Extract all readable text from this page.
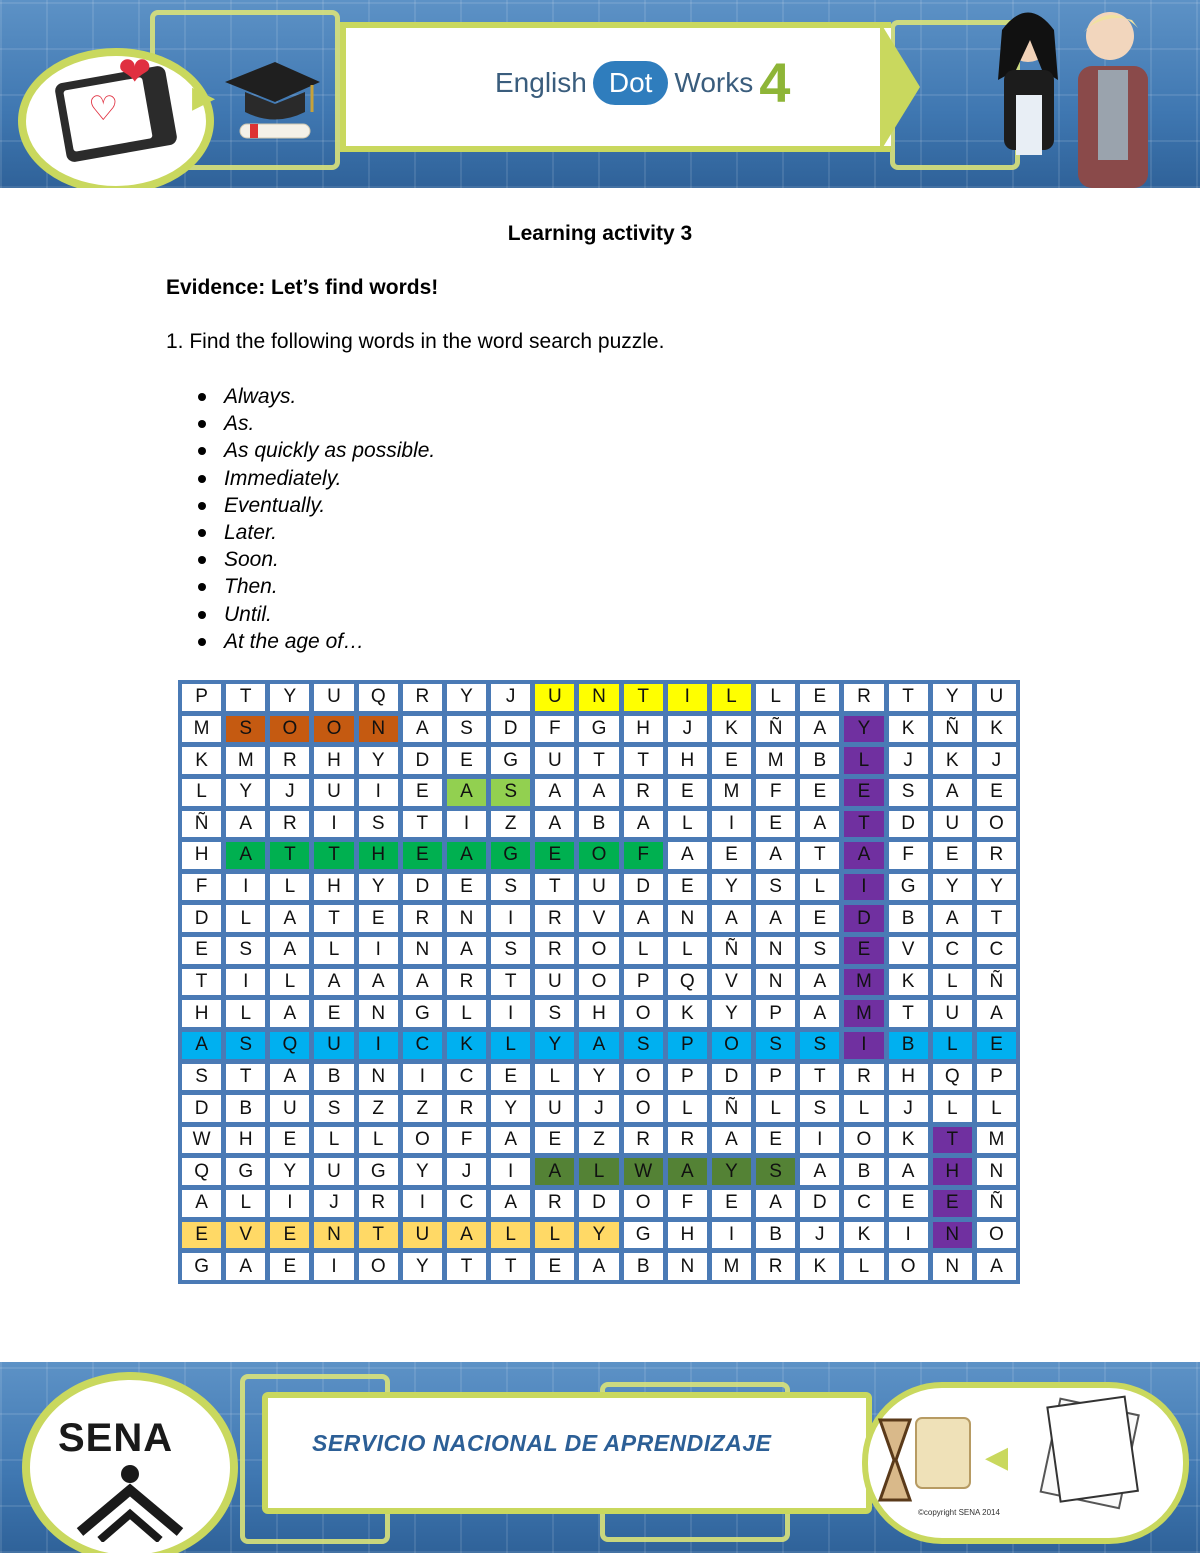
♡
❤
▶	English Dot Works 4
Learning activity 3
Evidence: Let’s find words!
1. Find the following words in the word search puzzle.
Always.
As.
As quickly as possible.
Immediately.
Eventually.
Later.
Soon.
Then.
Until.
At the age of…
P	T	Y	U	Q	R	Y	J	U	N	T	I	L	L	E	R	T	Y	U
M	S	O	O	N	A	S	D	F	G	H	J	K	Ñ	A	Y	K	Ñ	K
K	M	R	H	Y	D	E	G	U	T	T	H	E	M	B	L	J	K	J
L	Y	J	U	I	E	A	S	A	A	R	E	M	F	E	E	S	A	E
Ñ	A	R	I	S	T	I	Z	A	B	A	L	I	E	A	T	D	U	O
H	A	T	T	H	E	A	G	E	O	F	A	E	A	T	A	F	E	R
F	I	L	H	Y	D	E	S	T	U	D	E	Y	S	L	I	G	Y	Y
D	L	A	T	E	R	N	I	R	V	A	N	A	A	E	D	B	A	T
E	S	A	L	I	N	A	S	R	O	L	L	Ñ	N	S	E	V	C	C
T	I	L	A	A	A	R	T	U	O	P	Q	V	N	A	M	K	L	Ñ
H	L	A	E	N	G	L	I	S	H	O	K	Y	P	A	M	T	U	A
A	S	Q	U	I	C	K	L	Y	A	S	P	O	S	S	I	B	L	E
S	T	A	B	N	I	C	E	L	Y	O	P	D	P	T	R	H	Q	P
D	B	U	S	Z	Z	R	Y	U	J	O	L	Ñ	L	S	L	J	L	L
W	H	E	L	L	O	F	A	E	Z	R	R	A	E	I	O	K	T	M
Q	G	Y	U	G	Y	J	I	A	L	W	A	Y	S	A	B	A	H	N
A	L	I	J	R	I	C	A	R	D	O	F	E	A	D	C	E	E	Ñ
E	V	E	N	T	U	A	L	L	Y	G	H	I	B	J	K	I	N	O
G	A	E	I	O	Y	T	T	E	A	B	N	M	R	K	L	O	N	A
SENA	SERVICIO NACIONAL DE APRENDIZAJE	◀
©copyright SENA 2014
